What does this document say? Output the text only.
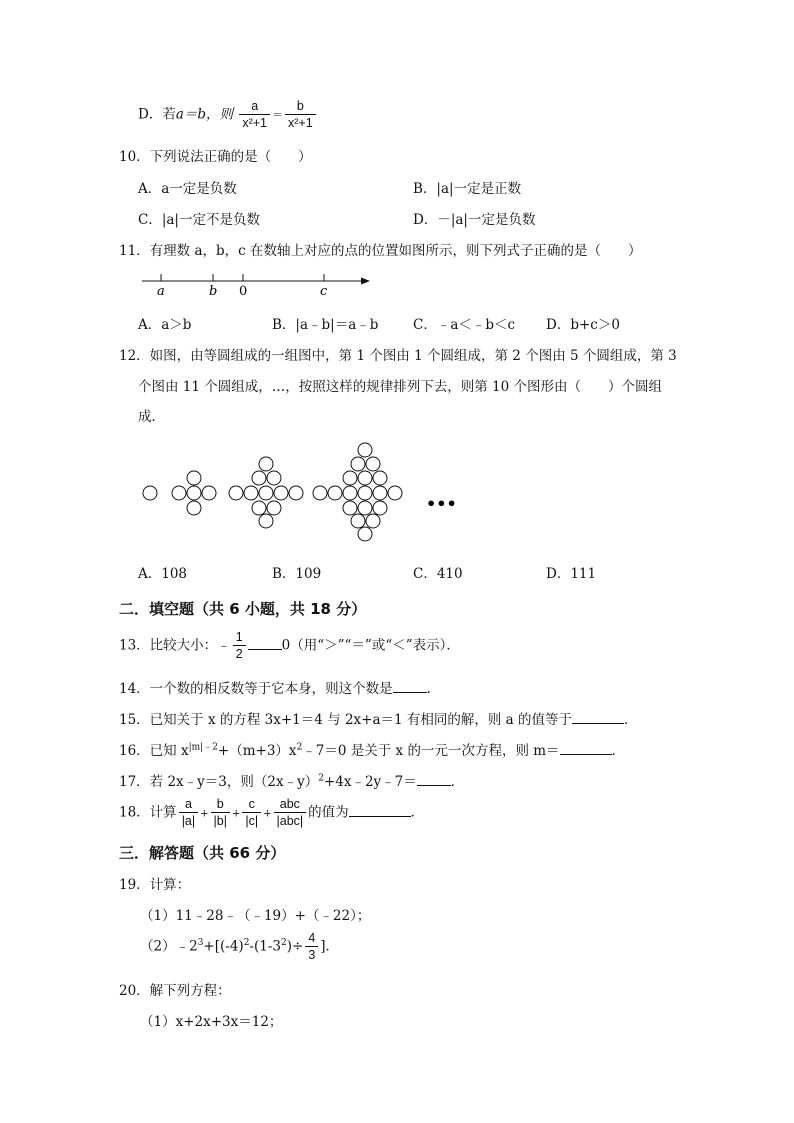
D．若a＝b，则 $\frac{a}{\text{x²+1}} = \frac{b}{\text{x²+1}}$
10．下列说法正确的是（　　）
A．a一定是负数	B．|a|一定是正数
C．|a|一定不是负数	D．－|a|一定是负数
11．有理数 a，b，c 在数轴上对应的点的位置如图所示，则下列式子正确的是（　　）
a	b 0	c
A．a＞b	B．|a﹣b|＝a﹣b	C．﹣a＜﹣b＜c D．b+c＞0
12．如图，由等圆组成的一组图中，第 1 个图由 1 个圆组成，第 2 个图由 5 个圆组成，第 3
个图由 11 个圆组成，…，按照这样的规律排列下去，则第 10 个图形由（　　）个圆组
成．
•••
A．108	B．109	C．410	D．111
二．填空题（共 6 小题，共 18 分）
13．比较大小：﹣ $\frac{1}{2}$	0（用“＞”“＝”或“＜”表示）．
14．一个数的相反数等于它本身，则这个数是	．
15．已知关于 x 的方程 3x+1＝4 与 2x+a＝1 有相同的解，则 a 的值等于	．
16．已知 $x^{|m|﹣2}+(m+3)x^2﹣7=0$ 是关于 x 的一元一次方程，则 m＝	．
17．若 2x﹣y＝3，则（2x﹣y）$^2$+4x﹣2y﹣7＝	．
18．计算 $\frac{a}{|a|} + \frac{b}{|b|} + \frac{c}{|c|} + \frac{\text{abc}}{\text{|abc|}}$ 的值为	．
三．解答题（共 66 分）
19．计算：
（1）11﹣28﹣（﹣19）+（﹣22）；
$(2)﹣2^3+[(-4)^2-(1-3^2)\div \frac{4}{3}$ ]．
20．解下列方程：
（1）x+2x+3x＝12；
